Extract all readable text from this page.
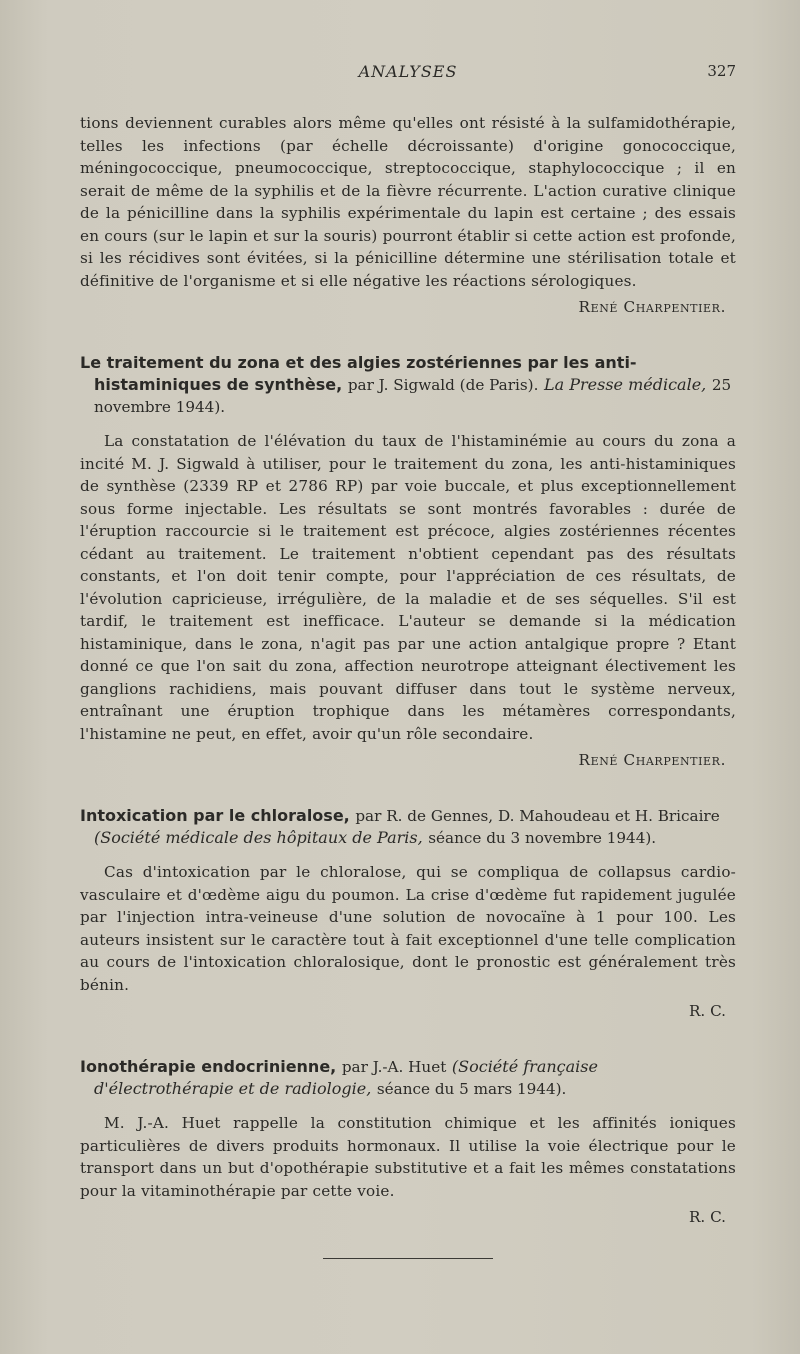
ANALYSES	327

tions deviennent curables alors même qu'elles ont résisté à la sulfamidothérapie, telles les infections (par échelle décroissante) d'origine gonococcique, méningococcique, pneumococcique, streptococcique, staphylococcique ; il en serait de même de la syphilis et de la fièvre récurrente. L'action curative clinique de la pénicilline dans la syphilis expérimentale du lapin est certaine ; des essais en cours (sur le lapin et sur la souris) pourront établir si cette action est profonde, si les récidives sont évitées, si la pénicilline détermine une stérilisation totale et définitive de l'organisme et si elle négative les réactions sérologiques.

René Charpentier.
Le traitement du zona et des algies zostériennes par les anti-histaminiques de synthèse, par J. Sigwald (de Paris). La Presse médicale, 25 novembre 1944).

La constatation de l'élévation du taux de l'histaminémie au cours du zona a incité M. J. Sigwald à utiliser, pour le traitement du zona, les anti-histaminiques de synthèse (2339 RP et 2786 RP) par voie buccale, et plus exceptionnellement sous forme injectable. Les résultats se sont montrés favorables : durée de l'éruption raccourcie si le traitement est précoce, algies zostériennes récentes cédant au traitement. Le traitement n'obtient cependant pas des résultats constants, et l'on doit tenir compte, pour l'appréciation de ces résultats, de l'évolution capricieuse, irrégulière, de la maladie et de ses séquelles. S'il est tardif, le traitement est inefficace. L'auteur se demande si la médication histaminique, dans le zona, n'agit pas par une action antalgique propre ? Etant donné ce que l'on sait du zona, affection neurotrope atteignant électivement les ganglions rachidiens, mais pouvant diffuser dans tout le système nerveux, entraînant une éruption trophique dans les métamères correspondants, l'histamine ne peut, en effet, avoir qu'un rôle secondaire.

René Charpentier.
Intoxication par le chloralose, par R. de Gennes, D. Mahoudeau et H. Bricaire (Société médicale des hôpitaux de Paris, séance du 3 novembre 1944).

Cas d'intoxication par le chloralose, qui se compliqua de collapsus cardio-vasculaire et d'œdème aigu du poumon. La crise d'œdème fut rapidement jugulée par l'injection intra-veineuse d'une solution de novocaïne à 1 pour 100. Les auteurs insistent sur le caractère tout à fait exceptionnel d'une telle complication au cours de l'intoxication chloralosique, dont le pronostic est généralement très bénin.

R. C.
Ionothérapie endocrinienne, par J.-A. Huet (Société française d'électrothérapie et de radiologie, séance du 5 mars 1944).

M. J.-A. Huet rappelle la constitution chimique et les affinités ioniques particulières de divers produits hormonaux. Il utilise la voie électrique pour le transport dans un but d'opothérapie substitutive et a fait les mêmes constatations pour la vitaminothérapie par cette voie.

R. C.
